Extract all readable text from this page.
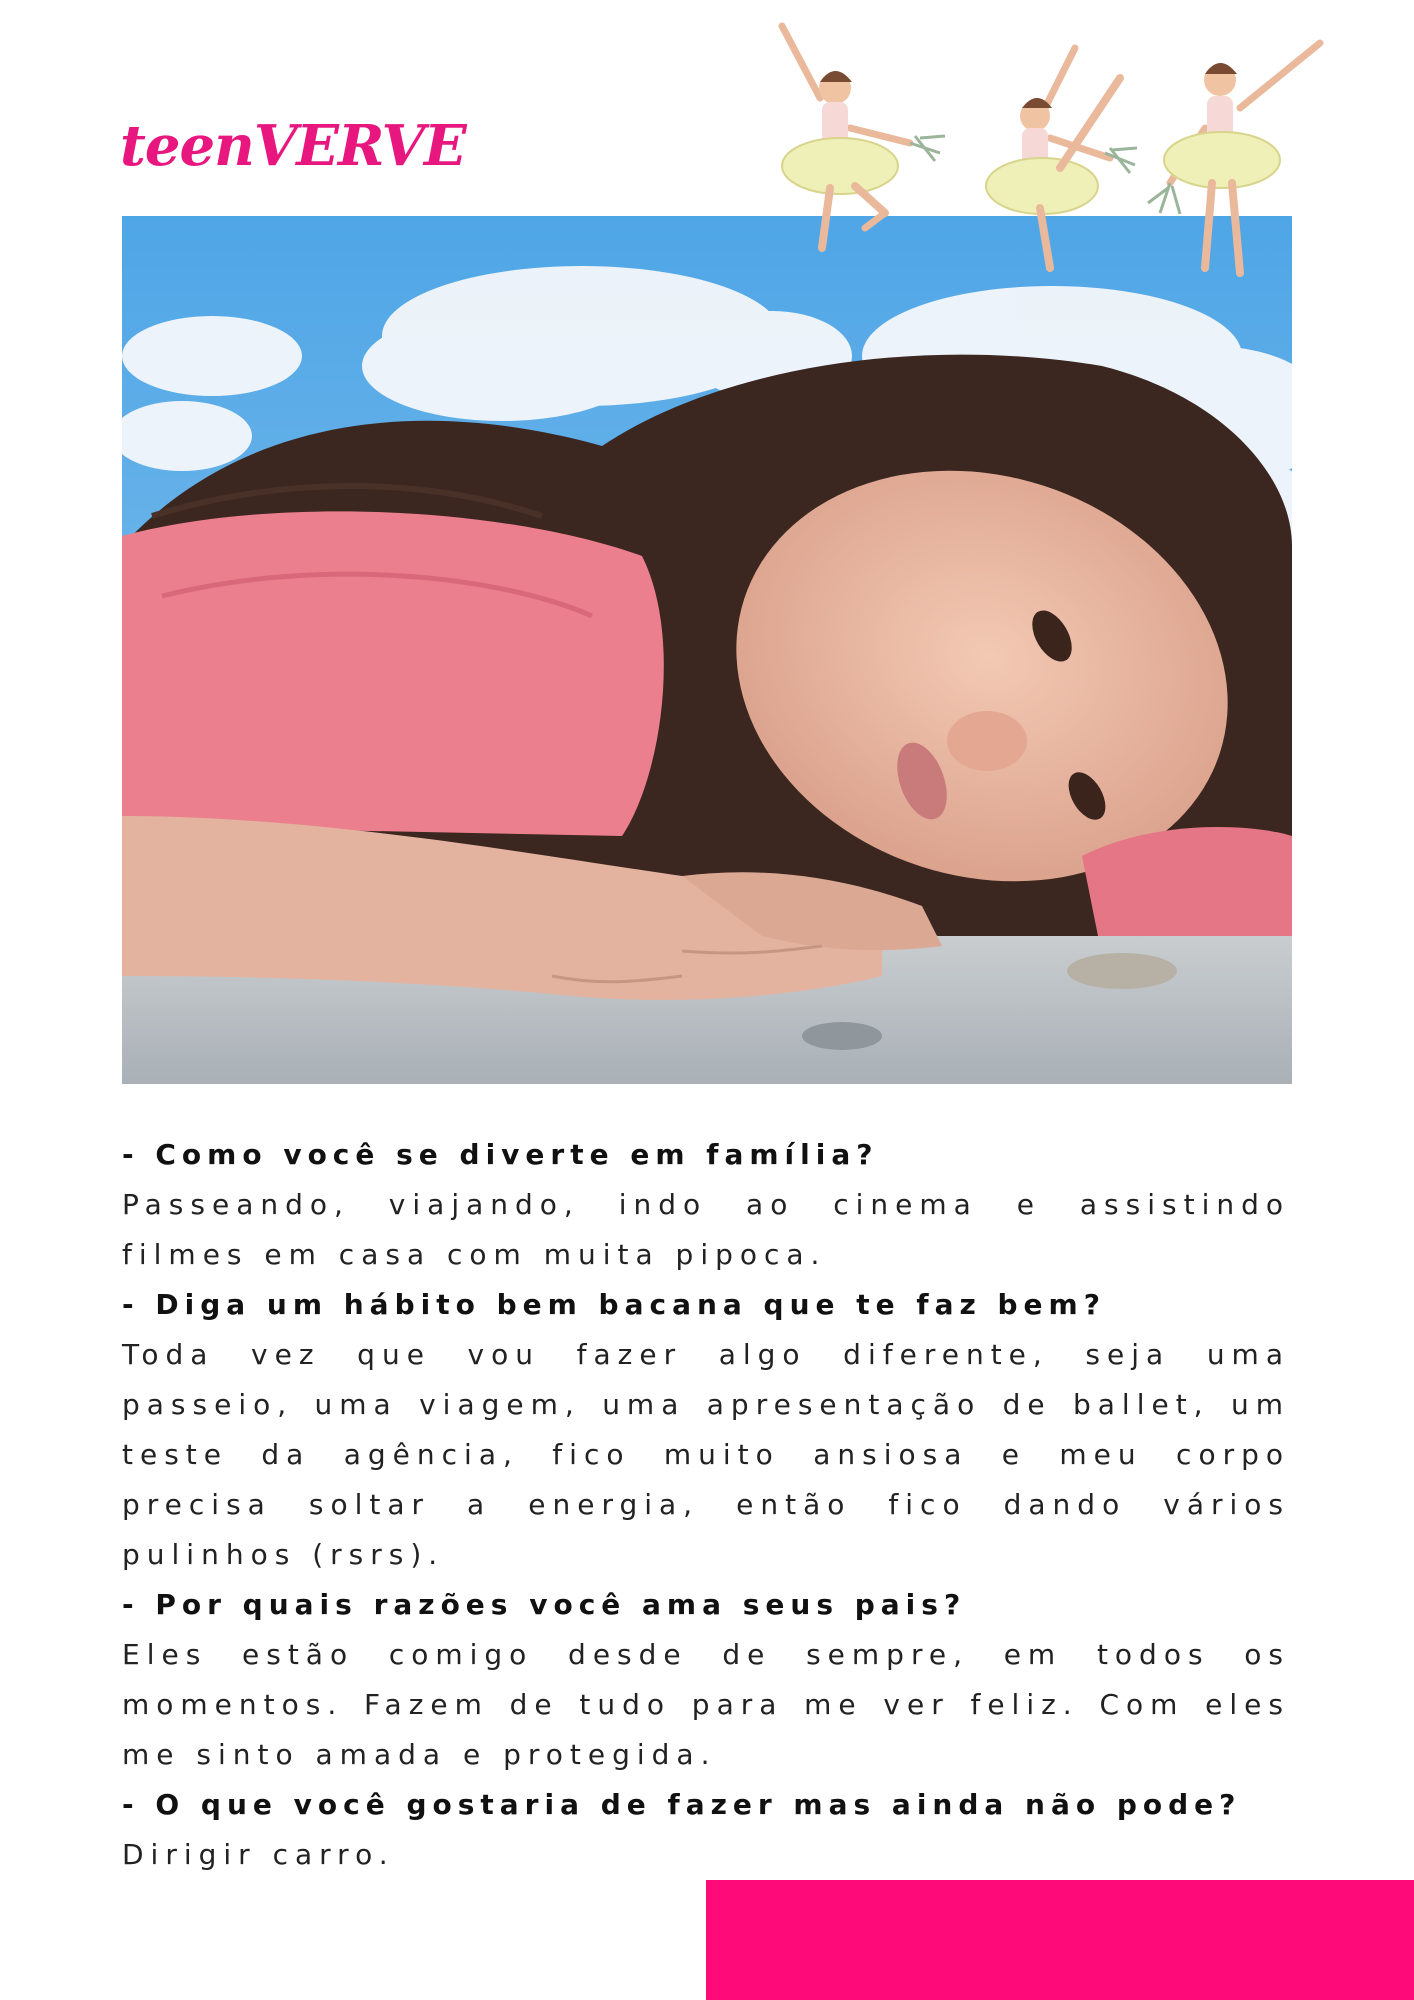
teenVERVE

- Como você se diverte em família?

Passeando, viajando, indo ao cinema e assistindo filmes em casa com muita pipoca.

- Diga um hábito bem bacana que te faz bem?

Toda vez que vou fazer algo diferente, seja uma passeio, uma viagem, uma apresentação de ballet, um teste da agência, fico muito ansiosa e meu corpo precisa soltar a energia, então fico dando vários pulinhos (rsrs).

- Por quais razões você ama seus pais?

Eles estão comigo desde de sempre, em todos os momentos. Fazem de tudo para me ver feliz. Com eles me sinto amada e protegida.

- O que você gostaria de fazer mas ainda não pode?

Dirigir carro.
